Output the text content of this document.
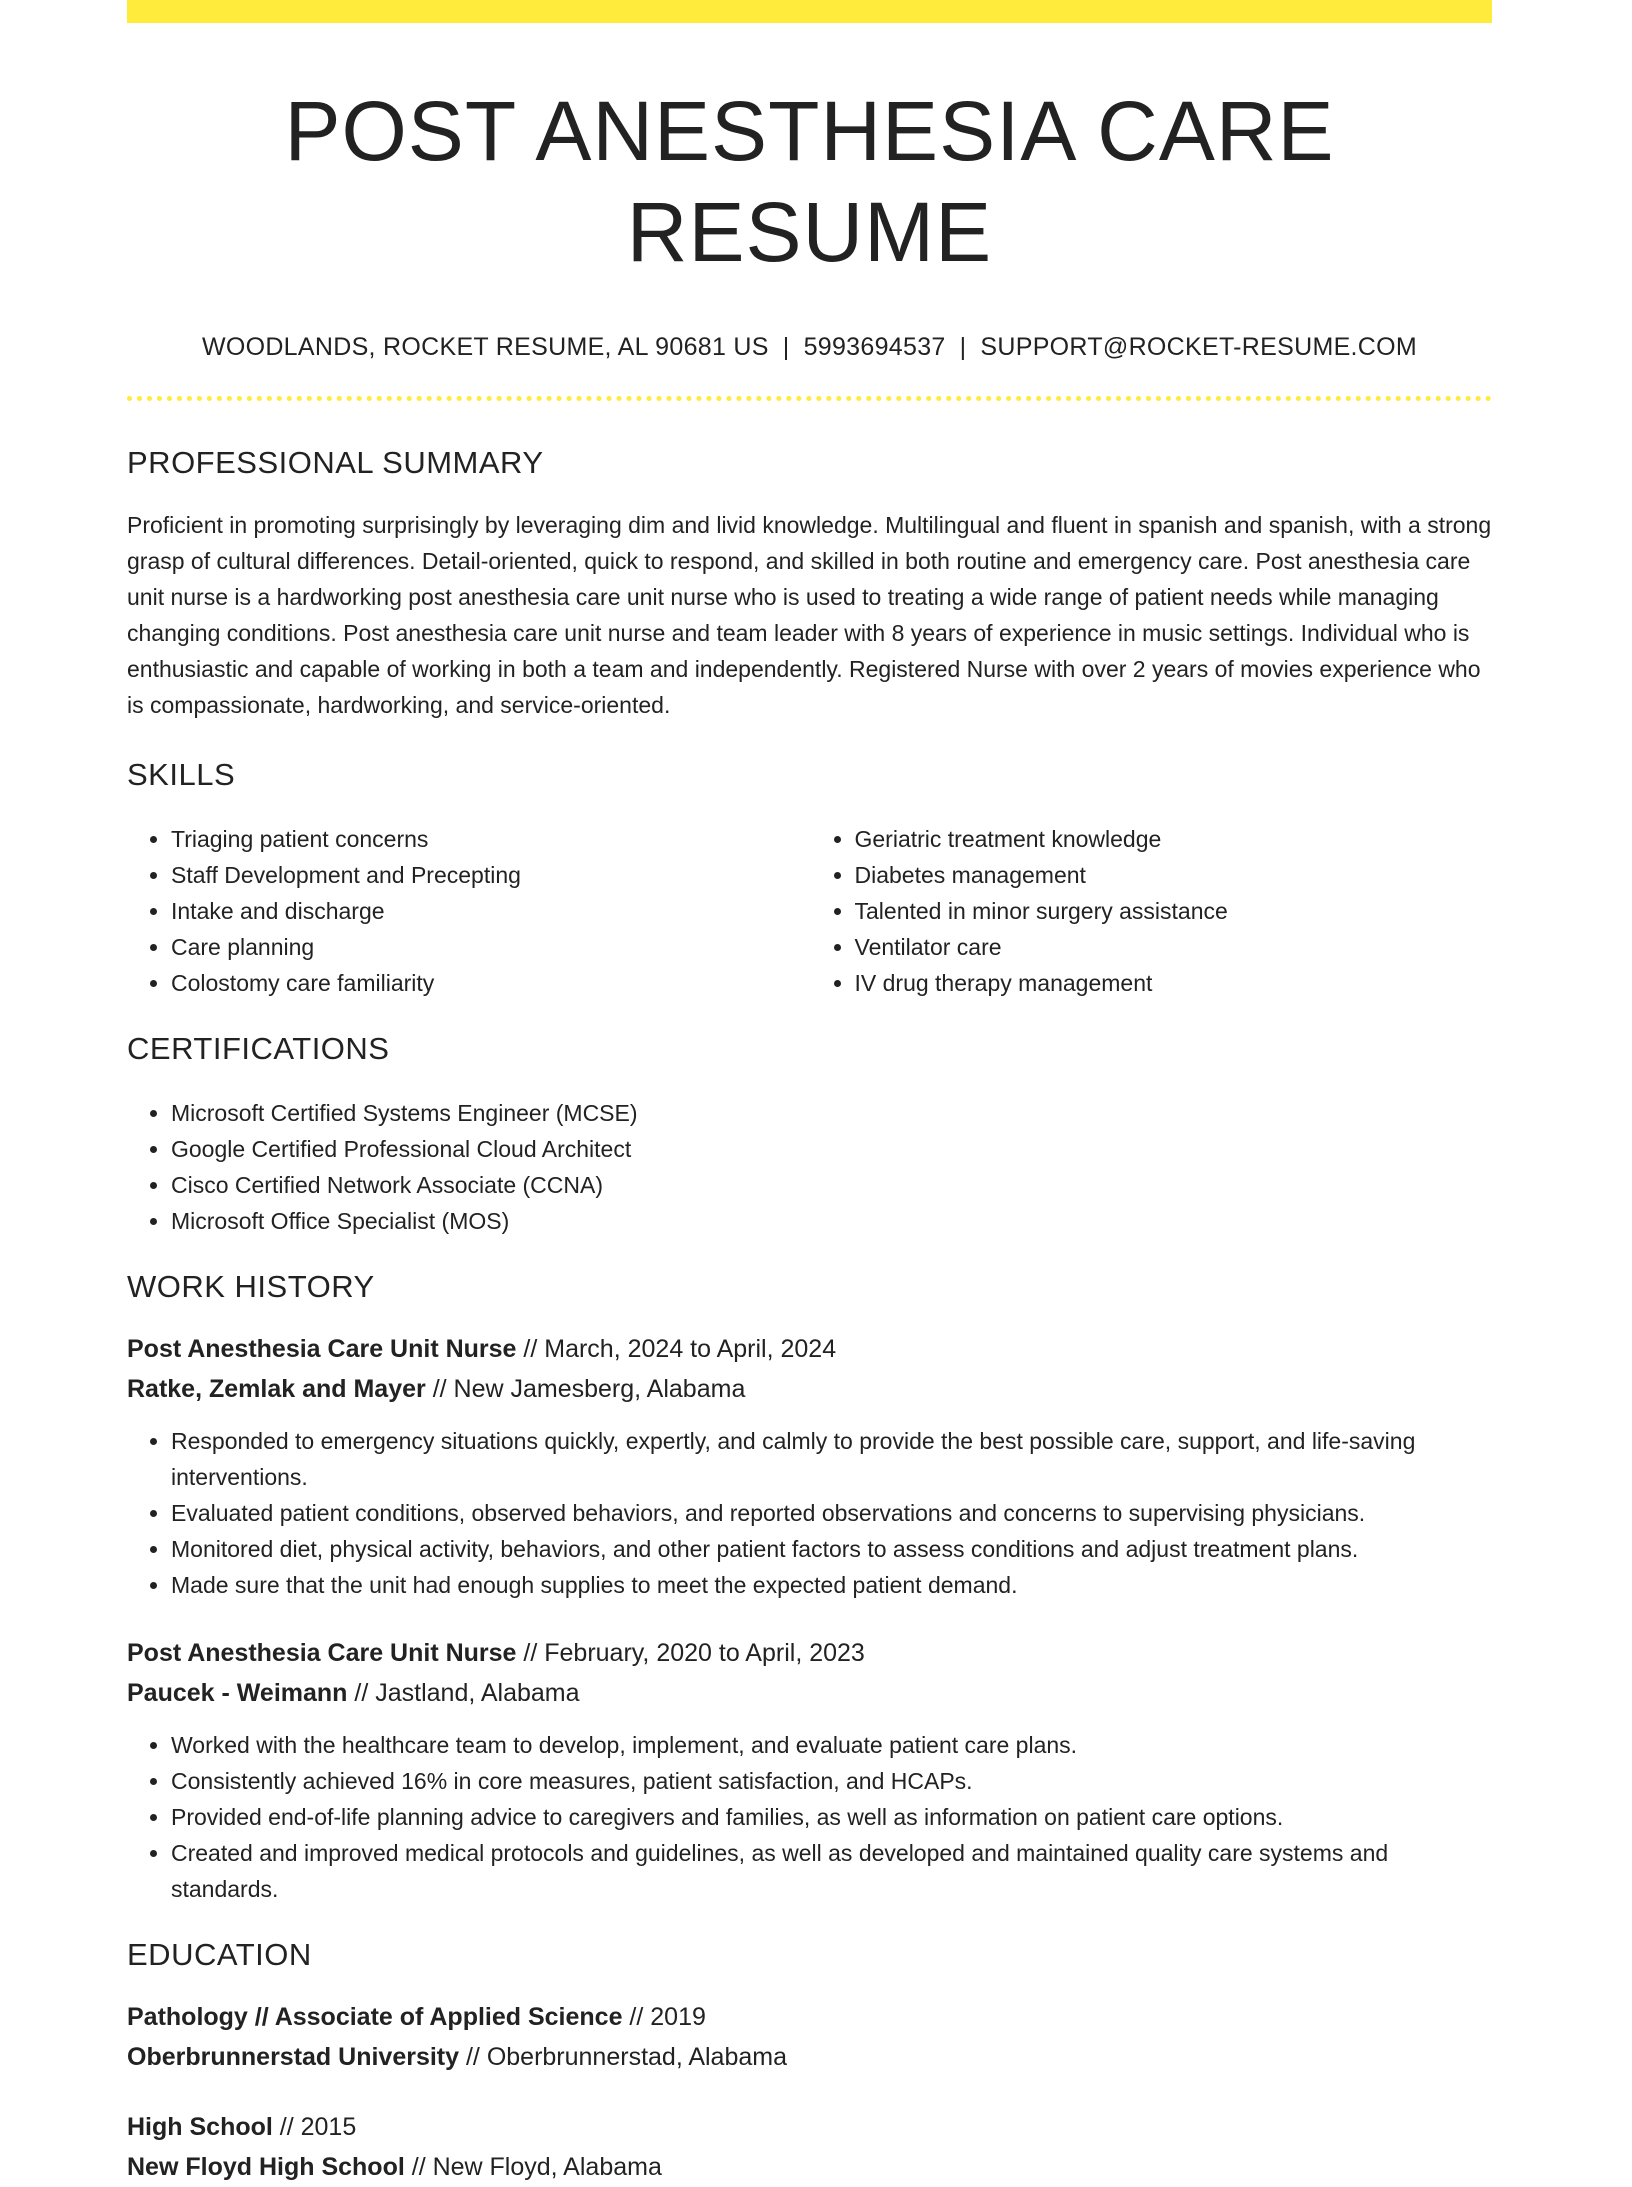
POST ANESTHESIA CARE RESUME
WOODLANDS, ROCKET RESUME, AL 90681 US | 5993694537 | SUPPORT@ROCKET-RESUME.COM
PROFESSIONAL SUMMARY

Proficient in promoting surprisingly by leveraging dim and livid knowledge. Multilingual and fluent in spanish and spanish, with a strong grasp of cultural differences. Detail-oriented, quick to respond, and skilled in both routine and emergency care. Post anesthesia care unit nurse is a hardworking post anesthesia care unit nurse who is used to treating a wide range of patient needs while managing changing conditions. Post anesthesia care unit nurse and team leader with 8 years of experience in music settings. Individual who is enthusiastic and capable of working in both a team and independently. Registered Nurse with over 2 years of movies experience who is compassionate, hardworking, and service-oriented.

SKILLS
• Triaging patient concerns
• Staff Development and Precepting
• Intake and discharge
• Care planning
• Colostomy care familiarity
• Geriatric treatment knowledge
• Diabetes management
• Talented in minor surgery assistance
• Ventilator care
• IV drug therapy management
CERTIFICATIONS
• Microsoft Certified Systems Engineer (MCSE)
• Google Certified Professional Cloud Architect
• Cisco Certified Network Associate (CCNA)
• Microsoft Office Specialist (MOS)
WORK HISTORY
Post Anesthesia Care Unit Nurse // March, 2024 to April, 2024
Ratke, Zemlak and Mayer // New Jamesberg, Alabama
• Responded to emergency situations quickly, expertly, and calmly to provide the best possible care, support, and life-saving interventions.
• Evaluated patient conditions, observed behaviors, and reported observations and concerns to supervising physicians.
• Monitored diet, physical activity, behaviors, and other patient factors to assess conditions and adjust treatment plans.
• Made sure that the unit had enough supplies to meet the expected patient demand.
Post Anesthesia Care Unit Nurse // February, 2020 to April, 2023
Paucek - Weimann // Jastland, Alabama
• Worked with the healthcare team to develop, implement, and evaluate patient care plans.
• Consistently achieved 16% in core measures, patient satisfaction, and HCAPs.
• Provided end-of-life planning advice to caregivers and families, as well as information on patient care options.
• Created and improved medical protocols and guidelines, as well as developed and maintained quality care systems and standards.
EDUCATION
Pathology // Associate of Applied Science // 2019
Oberbrunnerstad University // Oberbrunnerstad, Alabama
High School // 2015
New Floyd High School // New Floyd, Alabama
